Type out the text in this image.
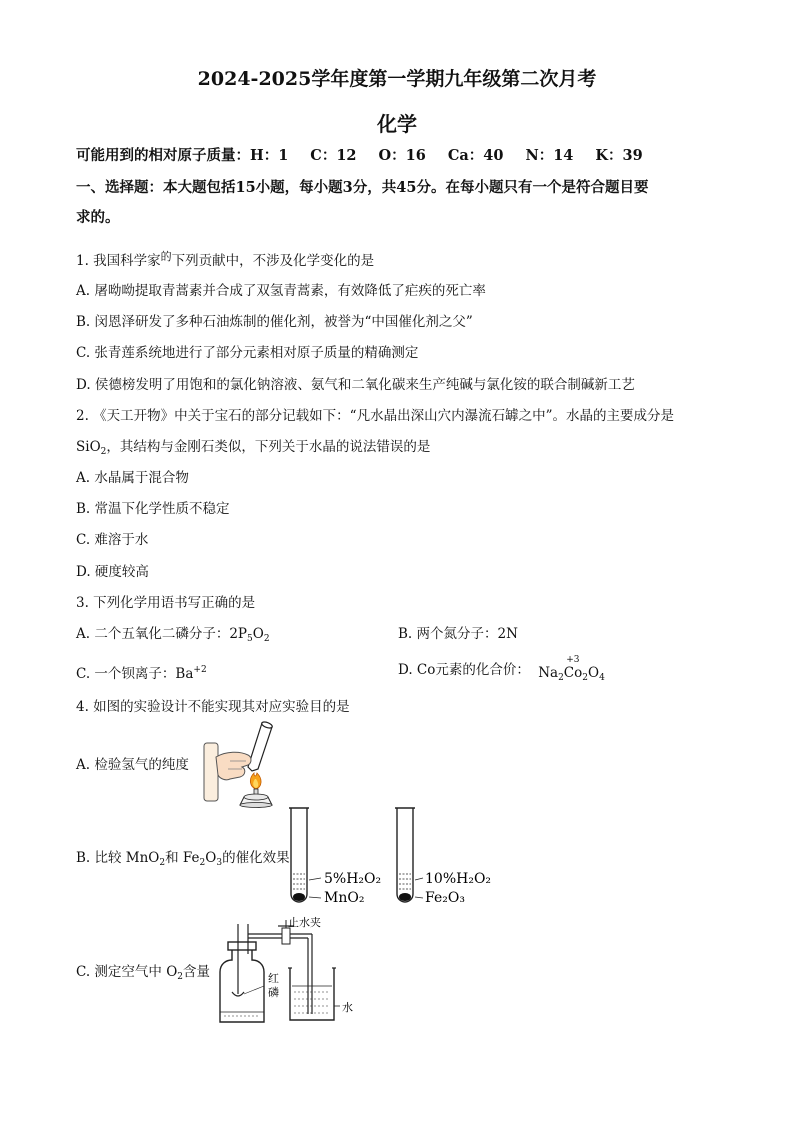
2024-2025学年度第一学期九年级第二次月考
化学
可能用到的相对原子质量：H：1 C：12 O：16 Ca：40 N：14 K：39
一、选择题：本大题包括15小题，每小题3分，共45分。在每小题只有一个是符合题目要
求的。
1. 我国科学家$^的$下列贡献中，不涉及化学变化的是
A. 屠呦呦提取青蒿素并合成了双氢青蒿素，有效降低了疟疾的死亡率
B. 闵恩泽研发了多种石油炼制的催化剂，被誉为“中国催化剂之父”
C. 张青莲系统地进行了部分元素相对原子质量的精确测定
D. 侯德榜发明了用饱和的氯化钠溶液、氨气和二氧化碳来生产纯碱与氯化铵的联合制碱新工艺
2. 《天工开物》中关于宝石的部分记载如下：“凡水晶出深山穴内瀑流石罅之中”。水晶的主要成分是
SiO$_2$，其结构与金刚石类似，下列关于水晶的说法错误的是
A. 水晶属于混合物
B. 常温下化学性质不稳定
C. 难溶于水
D. 硬度较高
3. 下列化学用语书写正确的是
A. 二个五氧化二磷分子：$2P_5O_2$	B. 两个氮分子：2N
C. 一个钡离子：$Ba^{+2}$	D. Co元素的化合价：
+3
$Na_2Co_2O_4$
4. 如图的实验设计不能实现其对应实验目的是
A. 检验氢气的纯度
B. 比较 MnO$_2$和 $Fe_2O_3$的催化效果
5%H₂O₂
MnO₂
10%H₂O₂
Fe₂O₃
C. 测定空气中 $O_2$含量
止水夹
红
磷
水
